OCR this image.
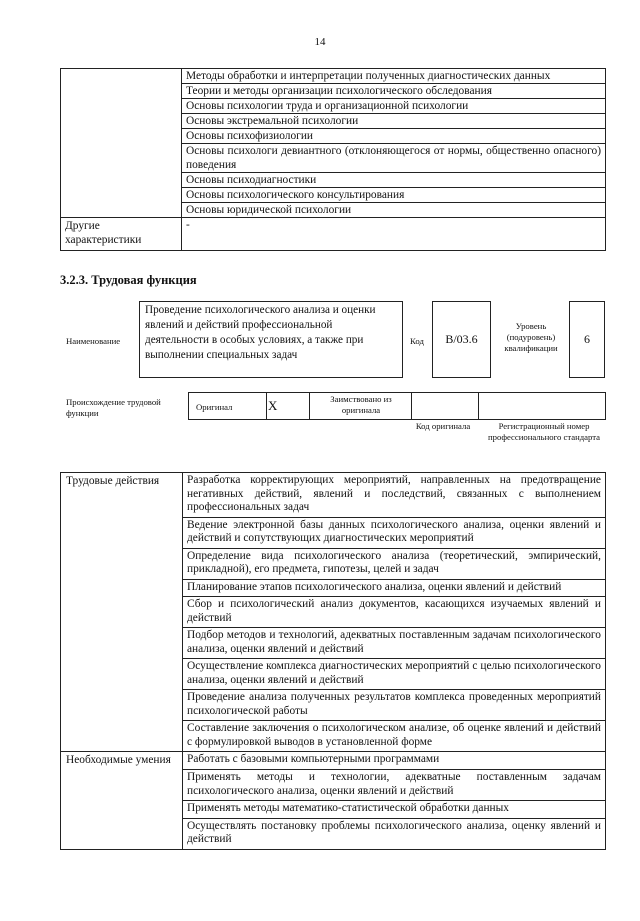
14
	Методы обработки и интерпретации полученных диагностических данных
	Теории и методы организации психологического обследования
	Основы психологии труда и организационной психологии
	Основы экстремальной психологии
	Основы психофизиологии
	Основы психологи девиантного (отклоняющегося от нормы, общественно опасного) поведения
	Основы психодиагностики
	Основы психологического консультирования
	Основы юридической психологии
Другие характеристики	-
3.2.3. Трудовая функция
Наименование
Проведение психологического анализа и оценки явлений и действий профессиональной деятельности в особых условиях, а также при выполнении специальных задач
Код B/03.6
Уровень (подуровень) квалификации
6
Происхождение трудовой функции
Оригинал	X	Заимствовано из оригинала
Код оригинала	Регистрационный номер профессионального стандарта
Трудовые действия	Разработка корректирующих мероприятий, направленных на предотвращение негативных действий, явлений и последствий, связанных с выполнением профессиональных задач
	Ведение электронной базы данных психологического анализа, оценки явлений и действий и сопутствующих диагностических мероприятий
	Определение вида психологического анализа (теоретический, эмпирический, прикладной), его предмета, гипотезы, целей и задач
	Планирование этапов психологического анализа, оценки явлений и действий
	Сбор и психологический анализ документов, касающихся изучаемых явлений и действий
	Подбор методов и технологий, адекватных поставленным задачам психологического анализа, оценки явлений и действий
	Осуществление комплекса диагностических мероприятий с целью психологического анализа, оценки явлений и действий
	Проведение анализа полученных результатов комплекса проведенных мероприятий психологической работы
	Составление заключения о психологическом анализе, об оценке явлений и действий с формулировкой выводов в установленной форме
Необходимые умения	Работать с базовыми компьютерными программами
	Применять методы и технологии, адекватные поставленным задачам психологического анализа, оценки явлений и действий
	Применять методы математико-статистической обработки данных
	Осуществлять постановку проблемы психологического анализа, оценку явлений и действий
